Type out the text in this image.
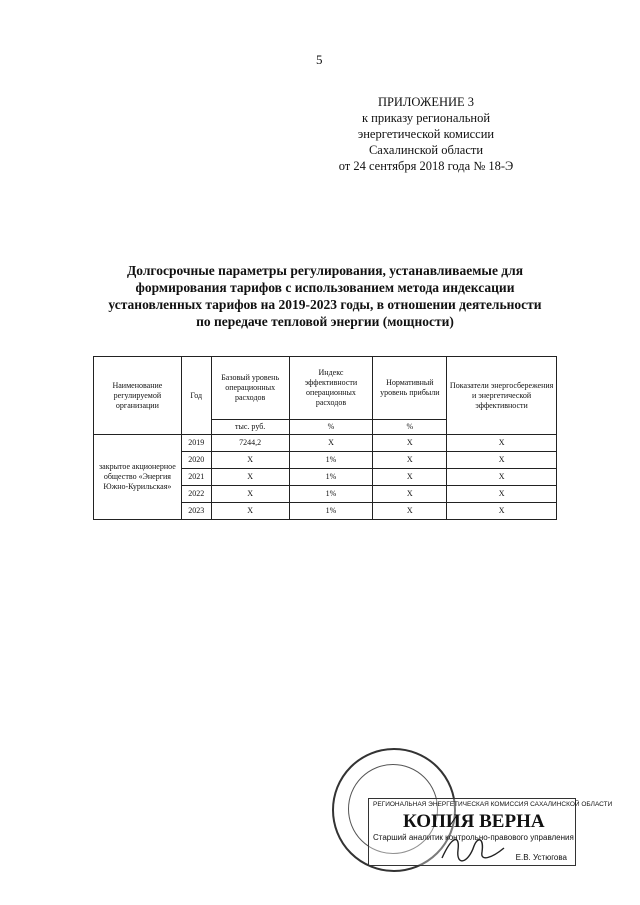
5
ПРИЛОЖЕНИЕ 3
к приказу региональной
энергетической комиссии
Сахалинской области
от 24 сентября 2018 года № 18-Э
Долгосрочные параметры регулирования, устанавливаемые для
формирования тарифов с использованием метода индексации
установленных тарифов на 2019-2023 годы, в отношении деятельности
по передаче тепловой энергии (мощности)
Наименование регулируемой организации	Год	Базовый уровень операционных расходов	Индекс эффективности операционных расходов	Нормативный уровень прибыли	Показатели энергосбережения и энергетической эффективности
		тыс. руб.	%	%	
закрытое акционерное общество «Энергия Южно-Курильская»	2019	7244,2	Х	Х	Х
	2020	Х	1%	Х	Х
	2021	Х	1%	Х	Х
	2022	Х	1%	Х	Х
	2023	Х	1%	Х	Х
РЕГИОНАЛЬНАЯ ЭНЕРГЕТИЧЕСКАЯ КОМИССИЯ САХАЛИНСКОЙ ОБЛАСТИ
КОПИЯ ВЕРНА
Старший аналитик контрольно-правового управления
Е.В. Устюгова
